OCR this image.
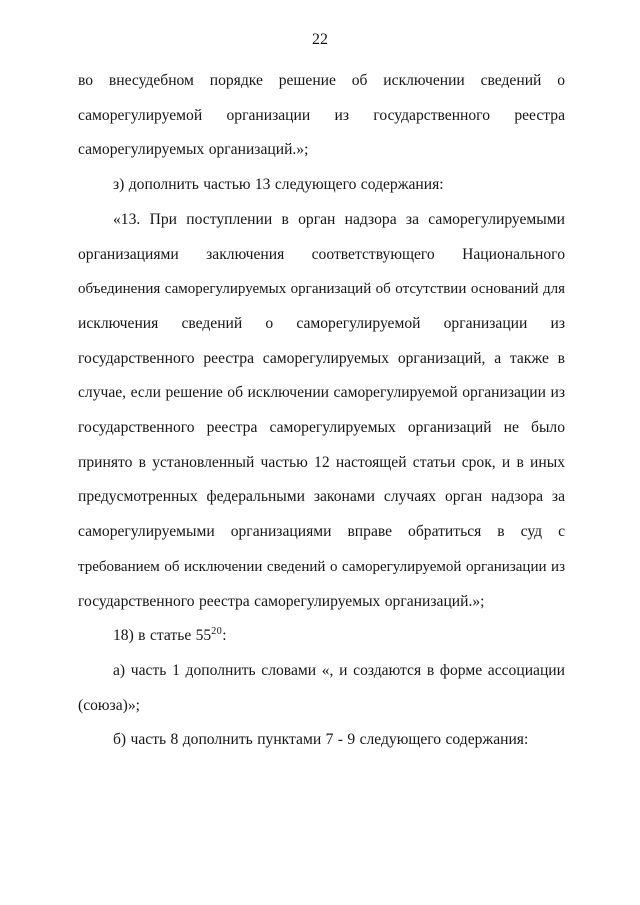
22
во внесудебном порядке решение об исключении сведений о
саморегулируемой организации из государственного реестра
саморегулируемых организаций.»;
з) дополнить частью 13 следующего содержания:
«13. При поступлении в орган надзора за саморегулируемыми
организациями заключения соответствующего Национального
объединения саморегулируемых организаций об отсутствии оснований для
исключения сведений о саморегулируемой организации из
государственного реестра саморегулируемых организаций, а также в
случае, если решение об исключении саморегулируемой организации из
государственного реестра саморегулируемых организаций не было
принято в установленный частью 12 настоящей статьи срок, и в иных
предусмотренных федеральными законами случаях орган надзора за
саморегулируемыми организациями вправе обратиться в суд с
требованием об исключении сведений о саморегулируемой организации из
государственного реестра саморегулируемых организаций.»;
18) в статье $55^{20}$:
а) часть 1 дополнить словами «, и создаются в форме ассоциации
(союза)»;
б) часть 8 дополнить пунктами 7 - 9 следующего содержания:
